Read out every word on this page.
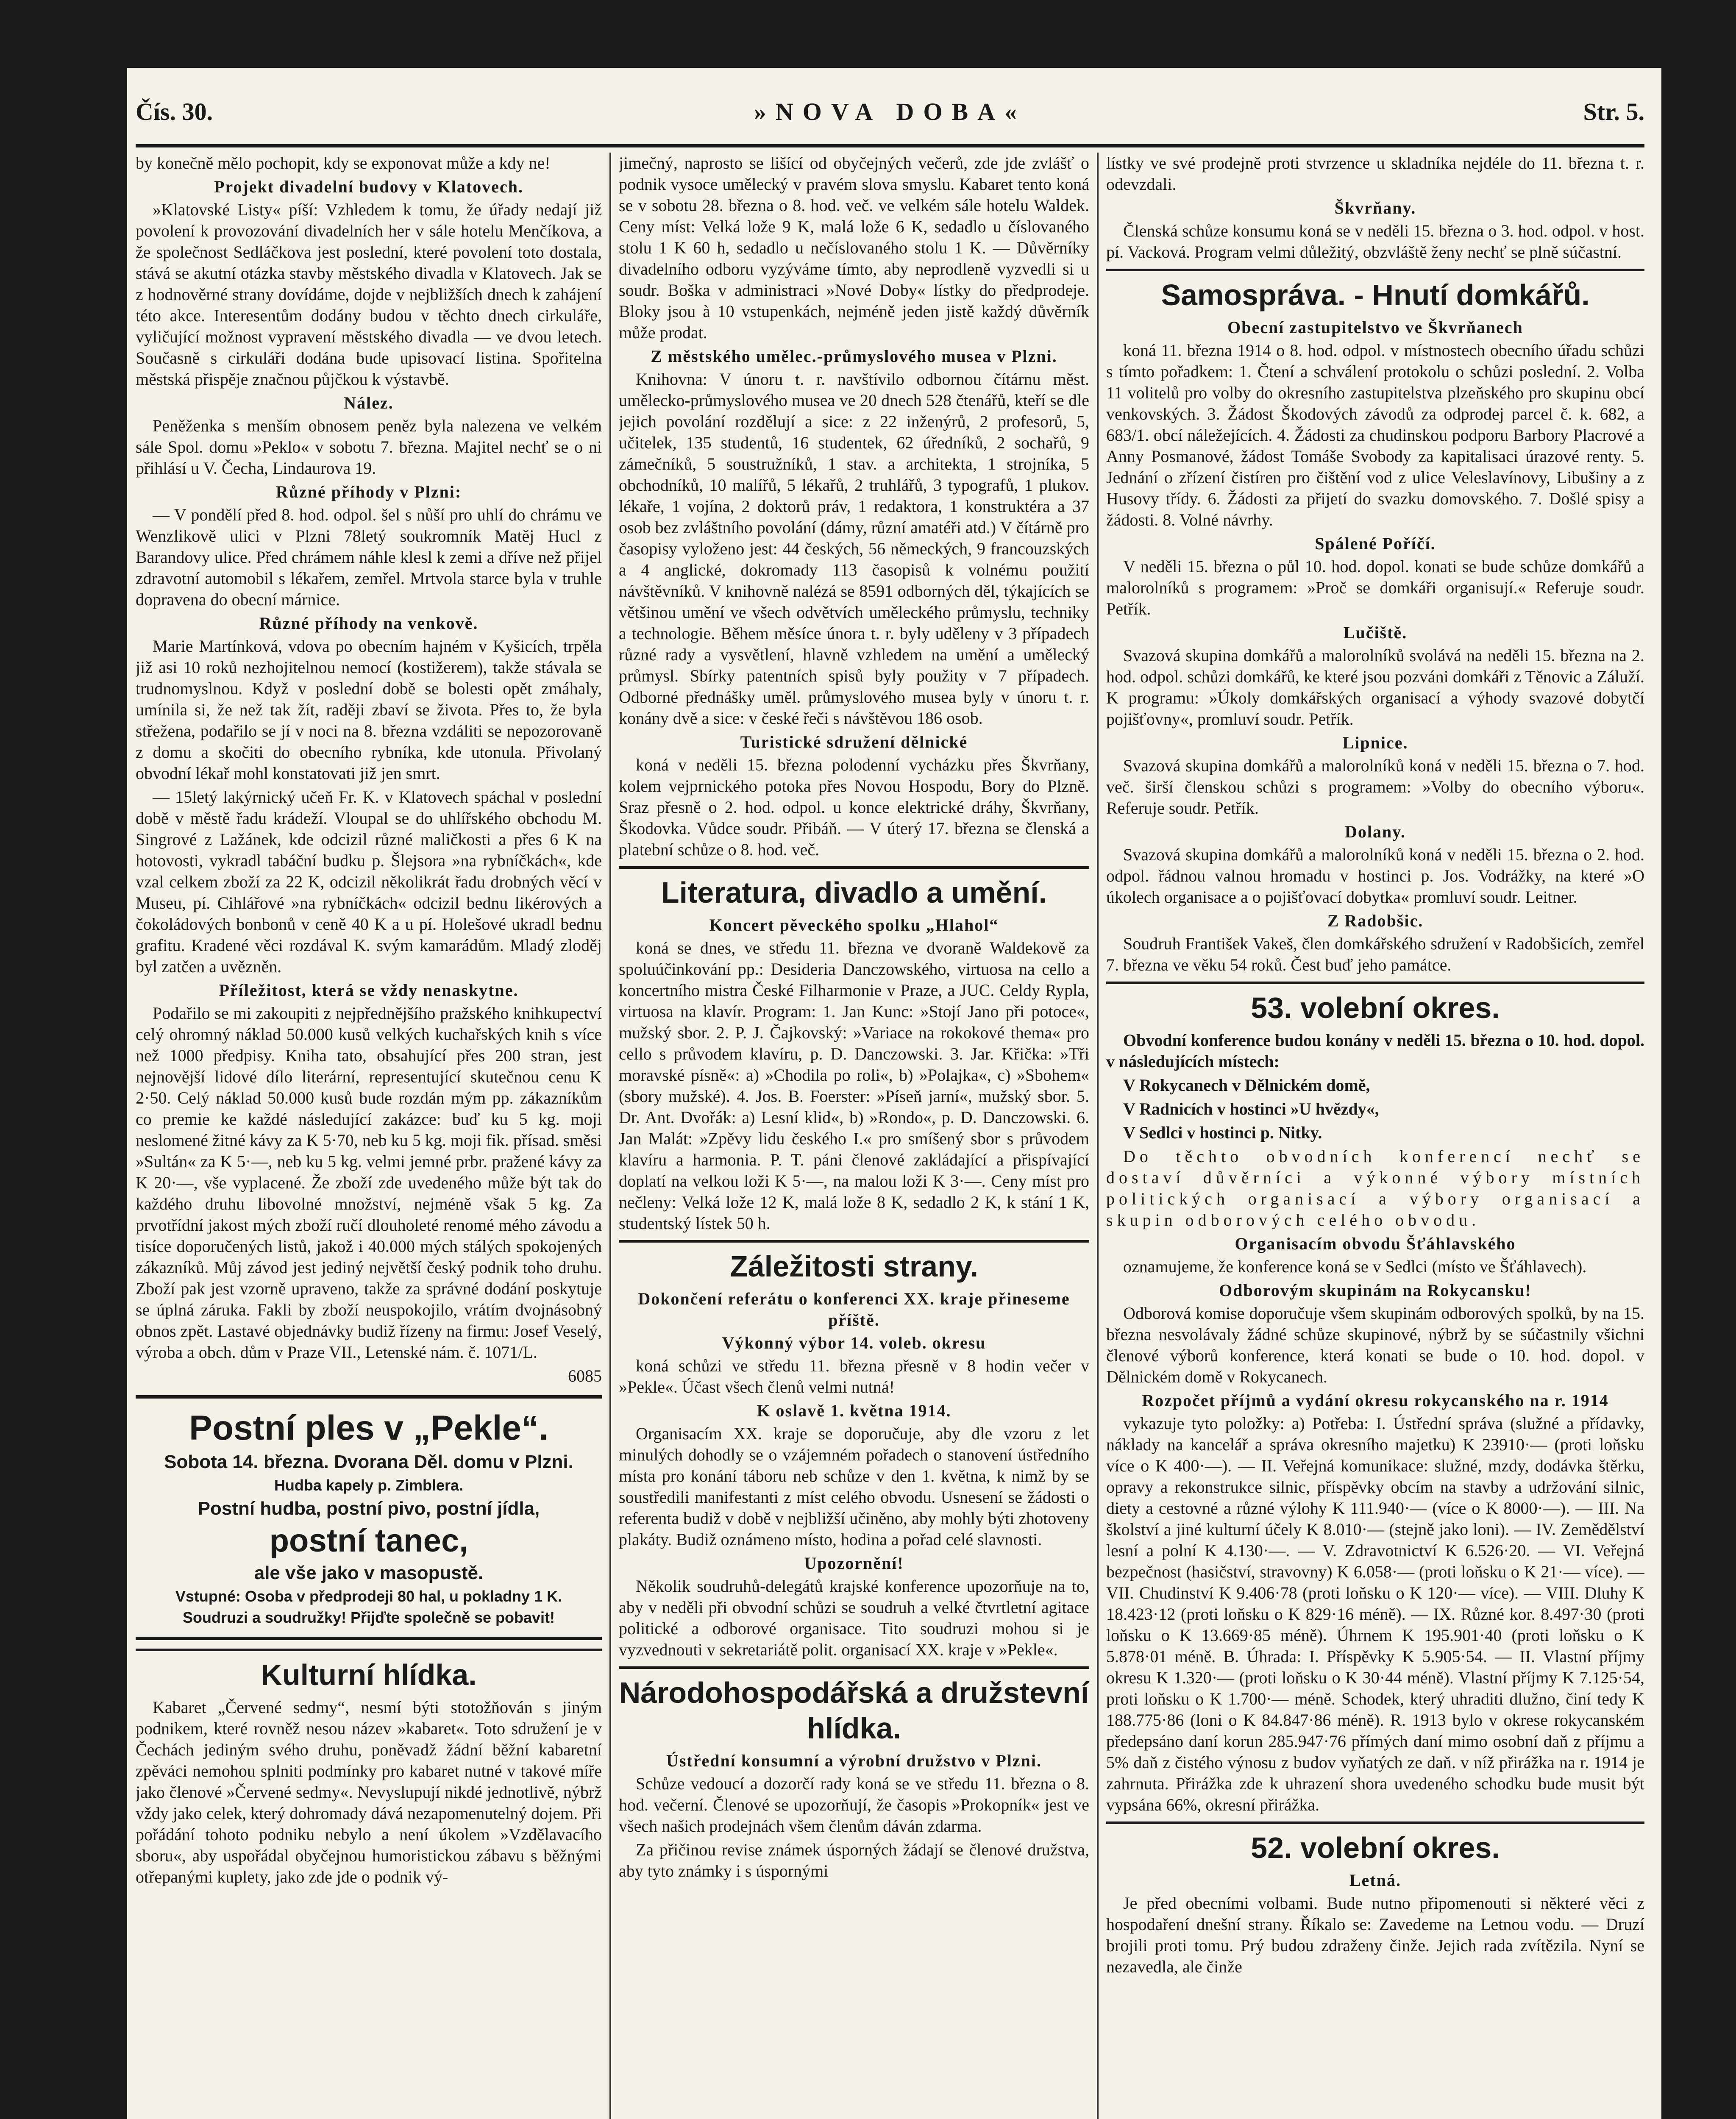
Čís. 30.	»NOVA DOBA«	Str. 5.

by konečně mělo pochopit, kdy se exponovat může a kdy ne!

Projekt divadelní budovy v Klatovech.

»Klatovské Listy« píší: Vzhledem k tomu, že úřady nedají již povolení k provozování divadelních her v sále hotelu Menčíkova, a že společnost Sedláčkova jest poslední, které povolení toto dostala, stává se akutní otázka stavby městského divadla v Klatovech. Jak se z hodnověrné strany dovídáme, dojde v nejbližších dnech k zahájení této akce. Interesentům dodány budou v těchto dnech cirkuláře, vyličující možnost vypravení městského divadla — ve dvou letech. Současně s cirkuláři dodána bude upisovací listina. Spořitelna městská přispěje značnou půjčkou k výstavbě.

Nález.

Peněženka s menším obnosem peněz byla nalezena ve velkém sále Spol. domu »Peklo« v sobotu 7. března. Majitel nechť se o ni přihlásí u V. Čecha, Lindaurova 19.

Různé příhody v Plzni:

— V pondělí před 8. hod. odpol. šel s nůší pro uhlí do chrámu ve Wenzlikově ulici v Plzni 78letý soukromník Matěj Hucl z Barandovy ulice. Před chrámem náhle klesl k zemi a dříve než přijel zdravotní automobil s lékařem, zemřel. Mrtvola starce byla v truhle dopravena do obecní márnice.

Různé příhody na venkově.

Marie Martínková, vdova po obecním hajném v Kyšicích, trpěla již asi 10 roků nezhojitelnou nemocí (kostižerem), takže stávala se trudnomyslnou. Když v poslední době se bolesti opět zmáhaly, umínila si, že než tak žít, raději zbaví se života. Přes to, že byla střežena, podařilo se jí v noci na 8. března vzdáliti se nepozorovaně z domu a skočiti do obecního rybníka, kde utonula. Přivolaný obvodní lékař mohl konstatovati již jen smrt.

— 15letý lakýrnický učeň Fr. K. v Klatovech spáchal v poslední době v městě řadu krádeží. Vloupal se do uhlířského obchodu M. Singrové z Lažánek, kde odcizil různé maličkosti a přes 6 K na hotovosti, vykradl tabáční budku p. Šlejsora »na rybníčkách«, kde vzal celkem zboží za 22 K, odcizil několikrát řadu drobných věcí v Museu, pí. Cihlářové »na rybníčkách« odcizil bednu likérových a čokoládových bonbonů v ceně 40 K a u pí. Holešové ukradl bednu grafitu. Kradené věci rozdával K. svým kamarádům. Mladý zloděj byl zatčen a uvězněn.

Příležitost, která se vždy nenaskytne.

Podařilo se mi zakoupiti z nejpřednějšího pražského knihkupectví celý ohromný náklad 50.000 kusů velkých kuchařských knih s více než 1000 předpisy. Kniha tato, obsahující přes 200 stran, jest nejnovější lidové dílo literární, representující skutečnou cenu K 2·50. Celý náklad 50.000 kusů bude rozdán mým pp. zákazníkům co premie ke každé následující zakázce: buď ku 5 kg. moji neslomené žitné kávy za K 5·70, neb ku 5 kg. moji fik. přísad. směsi »Sultán« za K 5·—, neb ku 5 kg. velmi jemné prbr. pražené kávy za K 20·—, vše vyplacené. Že zboží zde uvedeného může být tak do každého druhu libovolné množství, nejméně však 5 kg. Za prvotřídní jakost mých zboží ručí dlouholeté renomé mého závodu a tisíce doporučených listů, jakož i 40.000 mých stálých spokojených zákazníků. Můj závod jest jediný největší český podnik toho druhu. Zboží pak jest vzorně upraveno, takže za správné dodání poskytuje se úplná záruka. Fakli by zboží neuspokojilo, vrátím dvojnásobný obnos zpět. Lastavé objednávky budiž řízeny na firmu: Josef Veselý, výroba a obch. dům v Praze VII., Letenské nám. č. 1071/L.

6085

Postní ples v „Pekle“.
Sobota 14. března. Dvorana Děl. domu v Plzni.
Hudba kapely p. Zimblera.
Postní hudba, postní pivo, postní jídla,
postní tanec,
ale vše jako v masopustě.
Vstupné: Osoba v předprodeji 80 hal, u pokladny 1 K.
Soudruzi a soudružky! Přijďte společně se pobavit!
Kulturní hlídka.

Kabaret „Červené sedmy“, nesmí býti stotožňován s jiným podnikem, které rovněž nesou název »kabaret«. Toto sdružení je v Čechách jediným svého druhu, poněvadž žádní běžní kabaretní zpěváci nemohou splniti podmínky pro kabaret nutné v takové míře jako členové »Červené sedmy«. Nevyslupují nikdé jednotlivě, nýbrž vždy jako celek, který dohromady dává nezapomenutelný dojem. Při pořádání tohoto podniku nebylo a není úkolem »Vzdělavacího sboru«, aby uspořádal obyčejnou humoristickou zábavu s běžnými otřepanými kuplety, jako zde jde o podnik vý-

jimečný, naprosto se lišící od obyčejných večerů, zde jde zvlášť o podnik vysoce umělecký v pravém slova smyslu. Kabaret tento koná se v sobotu 28. března o 8. hod. več. ve velkém sále hotelu Waldek. Ceny míst: Velká lože 9 K, malá lože 6 K, sedadlo u číslovaného stolu 1 K 60 h, sedadlo u nečíslovaného stolu 1 K. — Důvěrníky divadelního odboru vyzýváme tímto, aby neprodleně vyzvedli si u soudr. Boška v administraci »Nové Doby« lístky do předprodeje. Bloky jsou à 10 vstupenkách, nejméně jeden jistě každý důvěrník může prodat.

Z městského umělec.-průmyslového musea v Plzni.

Knihovna: V únoru t. r. navštívilo odbornou čítárnu měst. umělecko-průmyslového musea ve 20 dnech 528 čtenářů, kteří se dle jejich povolání rozdělují a sice: z 22 inženýrů, 2 profesorů, 5, učitelek, 135 studentů, 16 studentek, 62 úředníků, 2 sochařů, 9 zámečníků, 5 soustružníků, 1 stav. a architekta, 1 strojníka, 5 obchodníků, 10 malířů, 5 lékařů, 2 truhlářů, 3 typografů, 1 plukov. lékaře, 1 vojína, 2 doktorů práv, 1 redaktora, 1 konstruktéra a 37 osob bez zvláštního povolání (dámy, různí amatéři atd.) V čítárně pro časopisy vyloženo jest: 44 českých, 56 německých, 9 francouzských a 4 anglické, dokromady 113 časopisů k volnému použití návštěvníků. V knihovně nalézá se 8591 odborných děl, týkajících se většinou umění ve všech odvětvích uměleckého průmyslu, techniky a technologie. Během měsíce února t. r. byly uděleny v 3 případech různé rady a vysvětlení, hlavně vzhledem na umění a umělecký průmysl. Sbírky patentních spisů byly použity v 7 případech. Odborné přednášky uměl. průmyslového musea byly v únoru t. r. konány dvě a sice: v české řeči s návštěvou 186 osob.

Turistické sdružení dělnické

koná v neděli 15. března polodenní vycházku přes Škvrňany, kolem vejprnického potoka přes Novou Hospodu, Bory do Plzně. Sraz přesně o 2. hod. odpol. u konce elektrické dráhy, Škvrňany, Škodovka. Vůdce soudr. Přibáň. — V úterý 17. března se členská a platební schůze o 8. hod. več.

Literatura, divadlo a umění.
Koncert pěveckého spolku „Hlahol“

koná se dnes, ve středu 11. března ve dvoraně Waldekově za spoluúčinkování pp.: Desideria Danczowského, virtuosa na cello a koncertního mistra České Filharmonie v Praze, a JUC. Celdy Rypla, virtuosa na klavír. Program: 1. Jan Kunc: »Stojí Jano při potoce«, mužský sbor. 2. P. J. Čajkovský: »Variace na rokokové thema« pro cello s průvodem klavíru, p. D. Danczowski. 3. Jar. Křička: »Tři moravské písně«: a) »Chodila po roli«, b) »Polajka«, c) »Sbohem« (sbory mužské). 4. Jos. B. Foerster: »Píseň jarní«, mužský sbor. 5. Dr. Ant. Dvořák: a) Lesní klid«, b) »Rondo«, p. D. Danczowski. 6. Jan Malát: »Zpěvy lidu českého I.« pro smíšený sbor s průvodem klavíru a harmonia. P. T. páni členové zakládající a přispívající doplatí na velkou loži K 5·—, na malou loži K 3·—. Ceny míst pro nečleny: Velká lože 12 K, malá lože 8 K, sedadlo 2 K, k stání 1 K, studentský lístek 50 h.

Záležitosti strany.
Dokončení referátu o konferenci XX. kraje přineseme příště.
Výkonný výbor 14. voleb. okresu

koná schůzi ve středu 11. března přesně v 8 hodin večer v »Pekle«. Účast všech členů velmi nutná!

K oslavě 1. května 1914.

Organisacím XX. kraje se doporučuje, aby dle vzoru z let minulých dohodly se o vzájemném pořadech o stanovení ústředního místa pro konání táboru neb schůze v den 1. května, k nimž by se soustředili manifestanti z míst celého obvodu. Usnesení se žádosti o referenta budiž v době v nejbližší učiněno, aby mohly býti zhotoveny plakáty. Budiž oznámeno místo, hodina a pořad celé slavnosti.

Upozornění!

Několik soudruhů-delegátů krajské konference upozorňuje na to, aby v neděli při obvodní schůzi se soudruh a velké čtvrtletní agitace politické a odborové organisace. Tito soudruzi mohou si je vyzvednouti v sekretariátě polit. organisací XX. kraje v »Pekle«.

Národohospodářská a družstevní hlídka.
Ústřední konsumní a výrobní družstvo v Plzni.

Schůze vedoucí a dozorčí rady koná se ve středu 11. března o 8. hod. večerní. Členové se upozorňují, že časopis »Prokopník« jest ve všech našich prodejnách všem členům dáván zdarma.

Za přičinou revise známek úsporných žádají se členové družstva, aby tyto známky i s úspornými

lístky ve své prodejně proti stvrzence u skladníka nejdéle do 11. března t. r. odevzdali.

Škvrňany.

Členská schůze konsumu koná se v neděli 15. března o 3. hod. odpol. v host. pí. Vacková. Program velmi důležitý, obzvláště ženy nechť se plně súčastní.

Samospráva. - Hnutí domkářů.
Obecní zastupitelstvo ve Škvrňanech

koná 11. března 1914 o 8. hod. odpol. v místnostech obecního úřadu schůzi s tímto pořadkem: 1. Čtení a schválení protokolu o schůzi poslední. 2. Volba 11 volitelů pro volby do okresního zastupitelstva plzeňského pro skupinu obcí venkovských. 3. Žádost Škodových závodů za odprodej parcel č. k. 682, a 683/1. obcí náležejících. 4. Žádosti za chudinskou podporu Barbory Placrové a Anny Posmanové, žádost Tomáše Svobody za kapitalisaci úrazové renty. 5. Jednání o zřízení čistíren pro čištění vod z ulice Veleslavínovy, Libušiny a z Husovy třídy. 6. Žádosti za přijetí do svazku domovského. 7. Došlé spisy a žádosti. 8. Volné návrhy.

Spálené Poříčí.

V neděli 15. března o půl 10. hod. dopol. konati se bude schůze domkářů a malorolníků s programem: »Proč se domkáři organisují.« Referuje soudr. Petřík.

Lučiště.

Svazová skupina domkářů a malorolníků svolává na neděli 15. března na 2. hod. odpol. schůzi domkářů, ke které jsou pozváni domkáři z Těnovic a Záluží. K programu: »Úkoly domkářských organisací a výhody svazové dobytčí pojišťovny«, promluví soudr. Petřík.

Lipnice.

Svazová skupina domkářů a malorolníků koná v neděli 15. března o 7. hod. več. širší členskou schůzi s programem: »Volby do obecního výboru«. Referuje soudr. Petřík.

Dolany.

Svazová skupina domkářů a malorolníků koná v neděli 15. března o 2. hod. odpol. řádnou valnou hromadu v hostinci p. Jos. Vodrážky, na které »O úkolech organisace a o pojišťovací dobytka« promluví soudr. Leitner.

Z Radobšic.

Soudruh František Vakeš, člen domkářského sdružení v Radobšicích, zemřel 7. března ve věku 54 roků. Čest buď jeho památce.

53. volební okres.

Obvodní konference budou konány v neděli 15. března o 10. hod. dopol. v následujících místech:

V Rokycanech v Dělnickém domě,

V Radnicích v hostinci »U hvězdy«,

V Sedlci v hostinci p. Nitky.

Do těchto obvodních konferencí nechť se dostaví důvěrníci a výkonné výbory místních politických organisací a výbory organisací a skupin odborových celého obvodu.

Organisacím obvodu Šťáhlavského

oznamujeme, že konference koná se v Sedlci (místo ve Šťáhlavech).

Odborovým skupinám na Rokycansku!

Odborová komise doporučuje všem skupinám odborových spolků, by na 15. března nesvolávaly žádné schůze skupinové, nýbrž by se súčastnily všichni členové výborů konference, která konati se bude o 10. hod. dopol. v Dělnickém domě v Rokycanech.

Rozpočet příjmů a vydání okresu rokycanského na r. 1914

vykazuje tyto položky: a) Potřeba: I. Ústřední správa (služné a přídavky, náklady na kancelář a správa okresního majetku) K 23910·— (proti loňsku více o K 400·—). — II. Veřejná komunikace: služné, mzdy, dodávka štěrku, opravy a rekonstrukce silnic, příspěvky obcím na stavby a udržování silnic, diety a cestovné a různé výlohy K 111.940·— (více o K 8000·—). — III. Na školství a jiné kulturní účely K 8.010·— (stejně jako loni). — IV. Zemědělství lesní a polní K 4.130·—. — V. Zdravotnictví K 6.526·20. — VI. Veřejná bezpečnost (hasičství, stravovny) K 6.058·— (proti loňsku o K 21·— více). — VII. Chudinství K 9.406·78 (proti loňsku o K 120·— více). — VIII. Dluhy K 18.423·12 (proti loňsku o K 829·16 méně). — IX. Různé kor. 8.497·30 (proti loňsku o K 13.669·85 méně). Úhrnem K 195.901·40 (proti loňsku o K 5.878·01 méně. B. Úhrada: I. Příspěvky K 5.905·54. — II. Vlastní příjmy okresu K 1.320·— (proti loňsku o K 30·44 méně). Vlastní příjmy K 7.125·54, proti loňsku o K 1.700·— méně. Schodek, který uhraditi dlužno, činí tedy K 188.775·86 (loni o K 84.847·86 méně). R. 1913 bylo v okrese rokycanském předepsáno daní korun 285.947·76 přímých daní mimo osobní daň z příjmu a 5% daň z čistého výnosu z budov vyňatých ze daň. v níž přirážka na r. 1914 je zahrnuta. Přirážka zde k uhrazení shora uvedeného schodku bude musit být vypsána 66%, okresní přirážka.

52. volební okres.
Letná.

Je před obecními volbami. Bude nutno připomenouti si některé věci z hospodaření dnešní strany. Říkalo se: Zavedeme na Letnou vodu. — Druzí brojili proti tomu. Prý budou zdraženy činže. Jejich rada zvítězila. Nyní se nezavedla, ale činže
